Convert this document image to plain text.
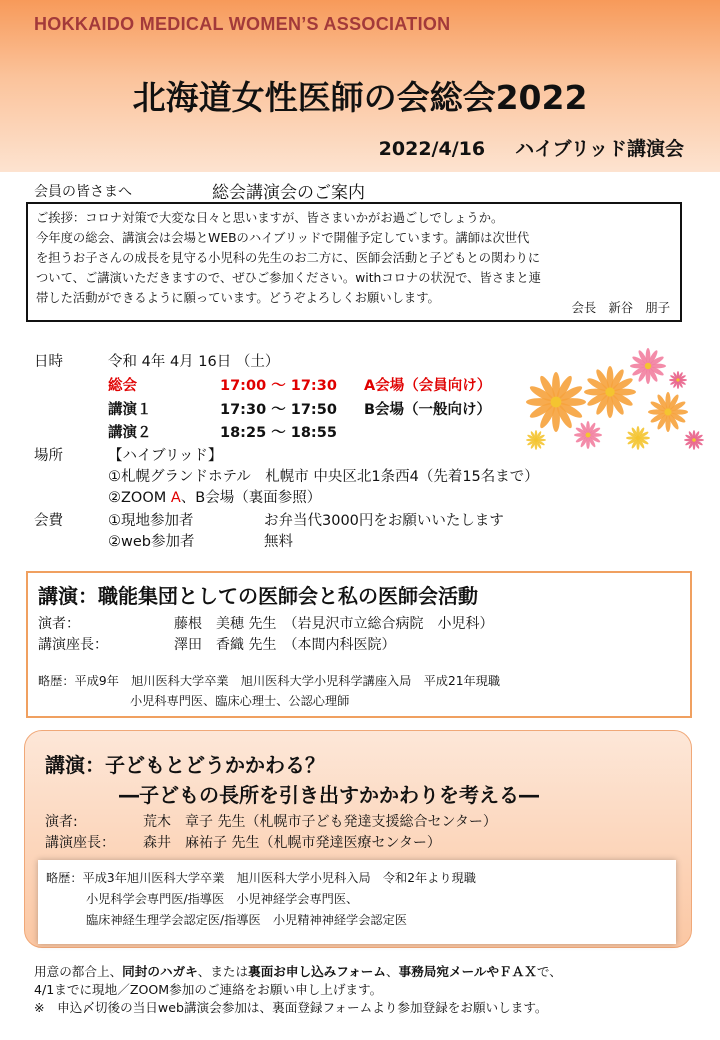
HOKKAIDO MEDICAL WOMEN’S ASSOCIATION
北海道女性医師の会総会2022
2022/4/16 ハイブリッド講演会
会員の皆さまへ	総会講演会のご案内
ご挨拶：コロナ対策で大変な日々と思いますが、皆さまいかがお過ごしでしょうか。
今年度の総会、講演会は会場とWEBのハイブリッドで開催予定しています。講師は次世代
を担うお子さんの成長を見守る小児科の先生のお二方に、医師会活動と子どもとの関わりに
ついて、ご講演いただきますので、ぜひご参加ください。withコロナの状況で、皆さまと連
帯した活動ができるように願っています。どうぞよろしくお願いします。
会長　新谷　朋子
日時	令和 4年 4月 16日 （土）
総会	17:00 ～ 17:30 A会場（会員向け）
講演１	17:30 ～ 17:50 B会場（一般向け）
講演２	18:25 ～ 18:55
場所	【ハイブリッド】
①札幌グランドホテル　札幌市 中央区北1条西4（先着15名まで）
②ZOOM A、B会場（裏面参照）
会費	①現地参加者	お弁当代3000円をお願いいたします
②web参加者	無料
講演：職能集団としての医師会と私の医師会活動
演者：	藤根　美穂 先生　（岩見沢市立総合病院　小児科）
講演座長：	澤田　香織 先生　（本間内科医院）
略歴：平成9年　旭川医科大学卒業　旭川医科大学小児科学講座入局　平成21年現職
小児科専門医、臨床心理士、公認心理師
講演：子どもとどうかかわる？
―子どもの長所を引き出すかかわりを考える―
演者:	荒木　章子 先生（札幌市子ども発達支援総合センター）
講演座長： 森井　麻祐子 先生（札幌市発達医療センター）
略歴：平成3年旭川医科大学卒業　旭川医科大学小児科入局　令和2年より現職
小児科学会専門医/指導医　小児神経学会専門医、
臨床神経生理学会認定医/指導医　小児精神神経学会認定医
用意の都合上、同封のハガキ、または裏面お申し込みフォーム、事務局宛メールやＦＡＸで、
4/1までに現地／ZOOM参加のご連絡をお願い申し上げます。
※　申込〆切後の当日web講演会参加は、裏面登録フォームより参加登録をお願いします。
